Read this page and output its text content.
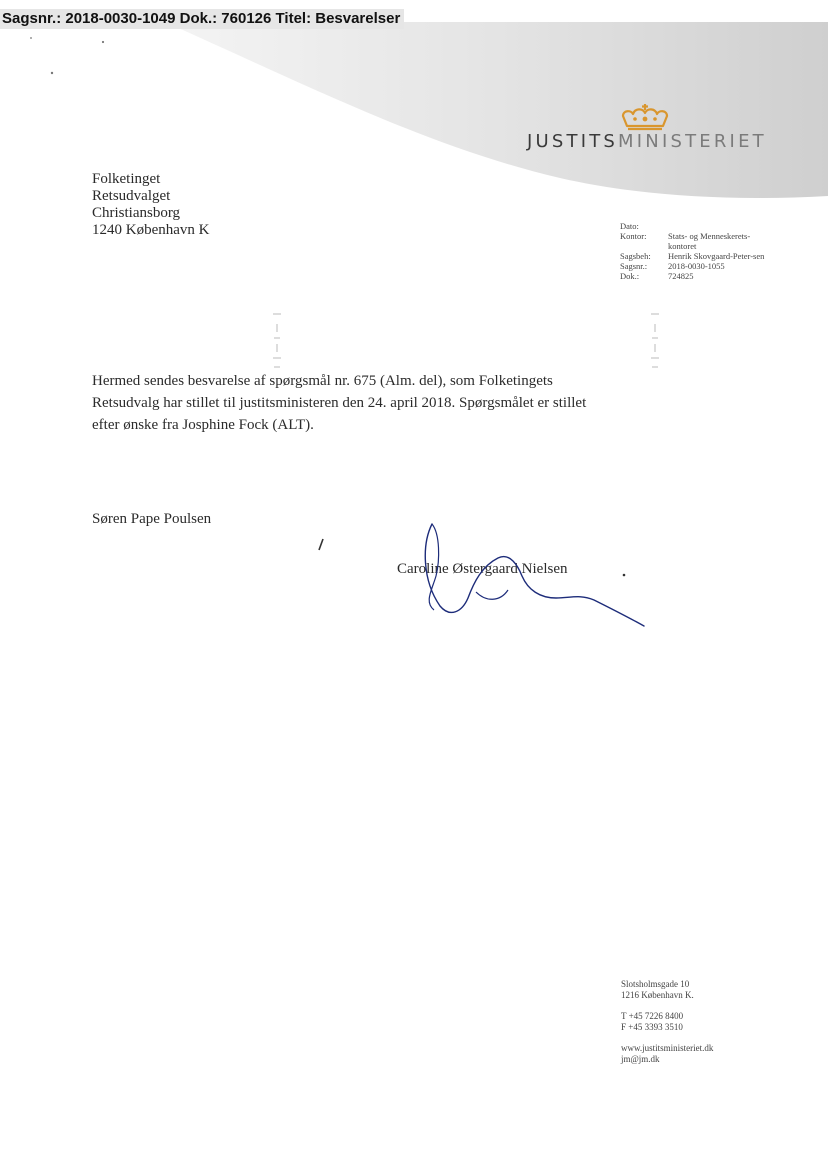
Sagsnr.: 2018-0030-1049 Dok.: 760126 Titel: Besvarelser
JUSTITSMINISTERIET
Folketinget
Retsudvalget
Christiansborg
1240 København K	Dato:
Kontor:	Stats- og Menneskerets-kontoret
Sagsbeh:	Henrik Skovgaard-Peter-sen
Sagsnr.:	2018-0030-1055
Dok.:	724825
Hermed sendes besvarelse af spørgsmål nr. 675 (Alm. del), som Folketingets Retsudvalg har stillet til justitsministeren den 24. april 2018. Spørgsmålet er stillet efter ønske fra Josphine Fock (ALT).
Søren Pape Poulsen
Caroline Østergaard Nielsen
Slotsholmsgade 10
1216 København K.
T +45 7226 8400
F +45 3393 3510
www.justitsministeriet.dk
jm@jm.dk
